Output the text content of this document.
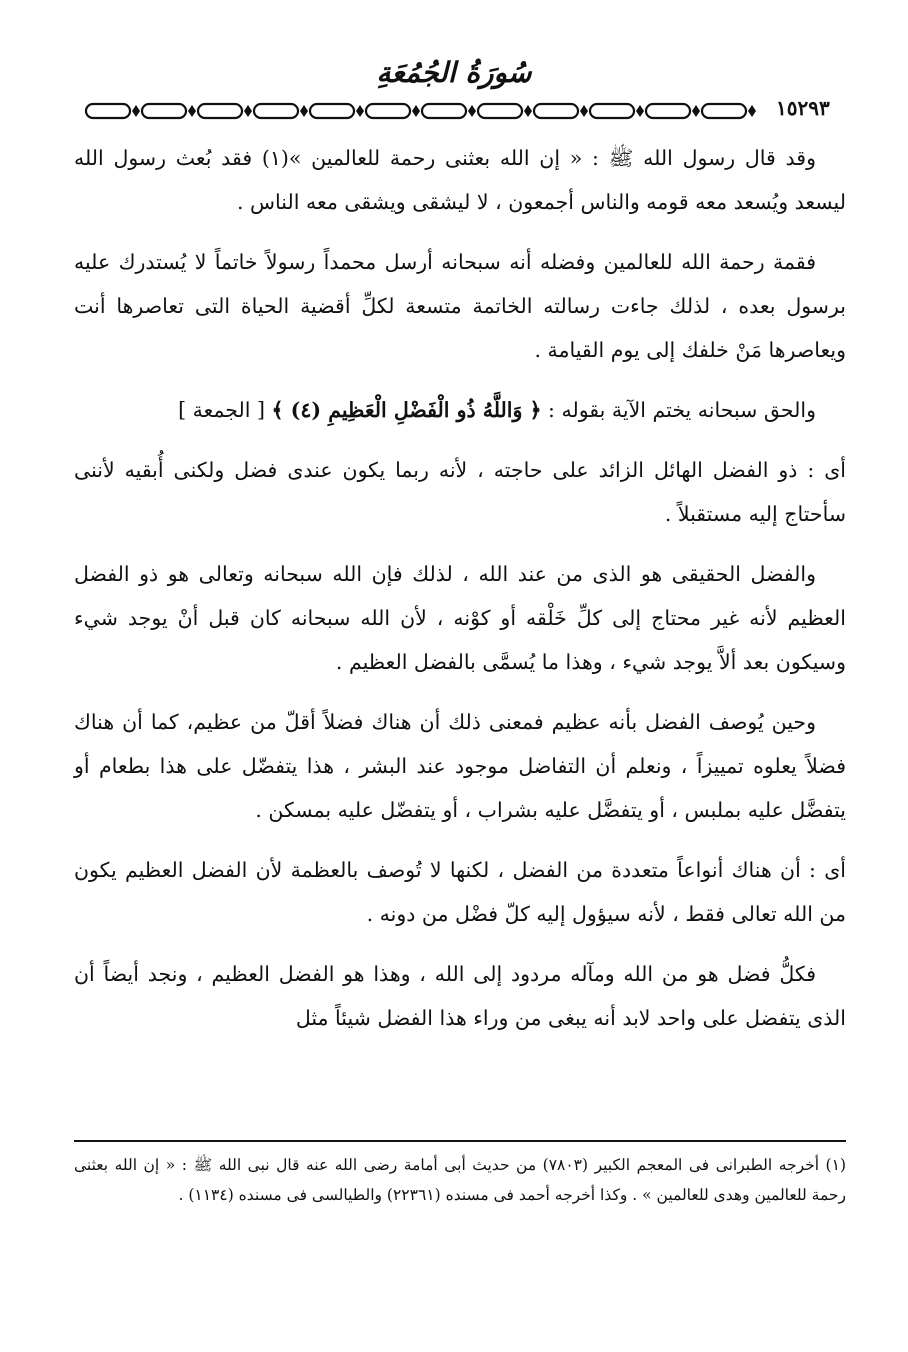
سُورَةُ الجُمُعَةِ
١٥٢٩٣

وقد قال رسول الله ﷺ : « إن الله بعثنى رحمة للعالمين »(١) فقد بُعث رسول الله ليسعد ويُسعد معه قومه والناس أجمعون ، لا ليشقى ويشقى معه الناس .

فقمة رحمة الله للعالمين وفضله أنه سبحانه أرسل محمداً رسولاً خاتماً لا يُستدرك عليه برسول بعده ، لذلك جاءت رسالته الخاتمة متسعة لكلِّ أقضية الحياة التى تعاصرها أنت ويعاصرها مَنْ خلفك إلى يوم القيامة .

والحق سبحانه يختم الآية بقوله : ﴿ وَاللَّهُ ذُو الْفَضْلِ الْعَظِيمِ (٤) ﴾ [ الجمعة ]

أى : ذو الفضل الهائل الزائد على حاجته ، لأنه ربما يكون عندى فضل ولكنى أُبقيه لأننى سأحتاج إليه مستقبلاً .

والفضل الحقيقى هو الذى من عند الله ، لذلك فإن الله سبحانه وتعالى هو ذو الفضل العظيم لأنه غير محتاج إلى كلِّ خَلْقه أو كوْنه ، لأن الله سبحانه كان قبل أنْ يوجد شيء وسيكون بعد ألاَّ يوجد شيء ، وهذا ما يُسمَّى بالفضل العظيم .

وحين يُوصف الفضل بأنه عظيم فمعنى ذلك أن هناك فضلاً أقلّ من عظيم، كما أن هناك فضلاً يعلوه تمييزاً ، ونعلم أن التفاضل موجود عند البشر ، هذا يتفضّل على هذا بطعام أو يتفضَّل عليه بملبس ، أو يتفضَّل عليه بشراب ، أو يتفضّل عليه بمسكن .

أى : أن هناك أنواعاً متعددة من الفضل ، لكنها لا تُوصف بالعظمة لأن الفضل العظيم يكون من الله تعالى فقط ، لأنه سيؤول إليه كلّ فضْل من دونه .

فكلُّ فضل هو من الله ومآله مردود إلى الله ، وهذا هو الفضل العظيم ، ونجد أيضاً أن الذى يتفضل على واحد لابد أنه يبغى من وراء هذا الفضل شيئاً مثل

(١) أخرجه الطبرانى فى المعجم الكبير (٧٨٠٣) من حديث أبى أمامة رضى الله عنه قال نبى الله ﷺ : « إن الله بعثنى رحمة للعالمين وهدى للعالمين » . وكذا أخرجه أحمد فى مسنده (٢٢٣٦١) والطيالسى فى مسنده (١١٣٤) .
